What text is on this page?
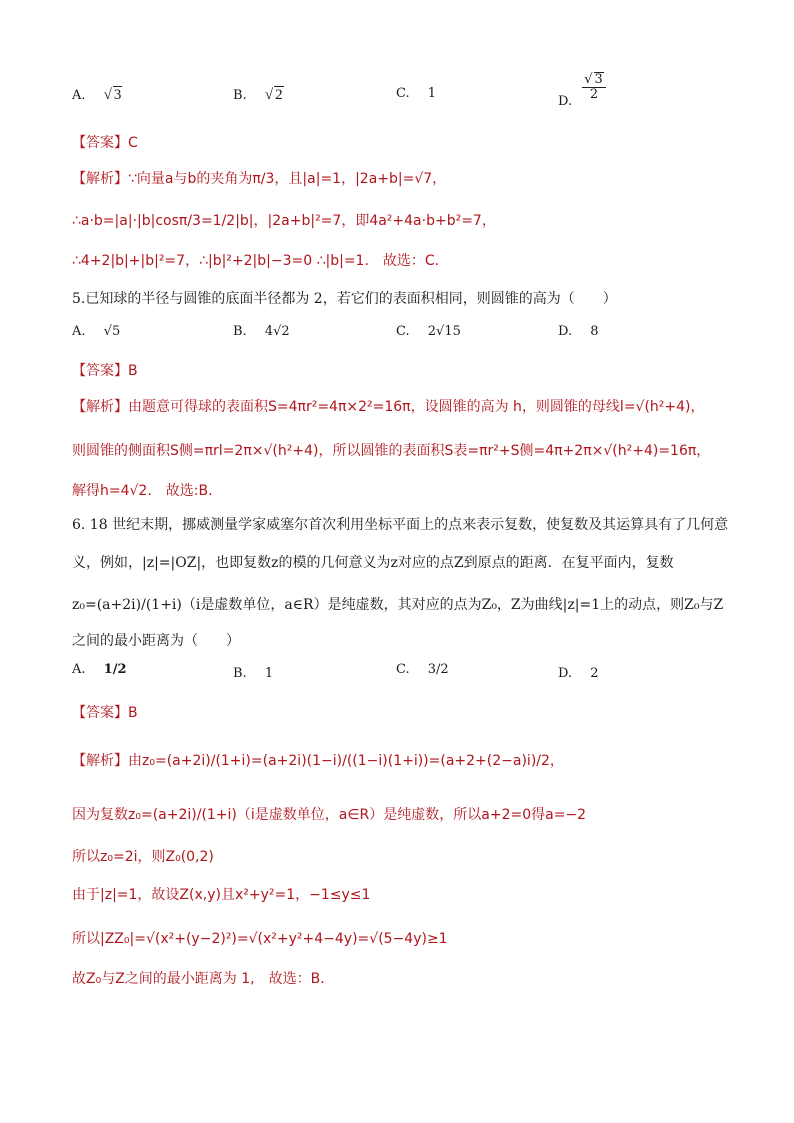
A. √ 3	B. √ 2	C. 1
D. $\frac{√ 3}{2}$
【答案】C
【解析】∵向量a与b的夹角为π/3，且|a|=1，|2a+b|=√7，
∴a·b=|a|·|b|cosπ/3=1/2|b|，|2a+b|²=7，即4a²+4a·b+b²=7，
∴4+2|b|+|b|²=7，∴|b|²+2|b|−3=0 ∴|b|=1.　故选：C.
5.已知球的半径与圆锥的底面半径都为 2，若它们的表面积相同，则圆锥的高为（　　）
A. √5	B. 4√2	C. 2√15	D. 8
【答案】B
【解析】由题意可得球的表面积S=4πr²=4π×2²=16π，设圆锥的高为 h，则圆锥的母线l=√(h²+4)，
则圆锥的侧面积S侧=πrl=2π×√(h²+4)，所以圆锥的表面积S表=πr²+S侧=4π+2π×√(h²+4)=16π，
解得h=4√2.　故选:B.
6. 18 世纪末期，挪威测量学家威塞尔首次利用坐标平面上的点来表示复数，使复数及其运算具有了几何意
义，例如，|z|=|OZ|，也即复数z的模的几何意义为z对应的点Z到原点的距离．在复平面内，复数
z₀=(a+2i)/(1+i)（i是虚数单位，a∈R）是纯虚数，其对应的点为Z₀，Z为曲线|z|=1上的动点，则Z₀与Z
之间的最小距离为（　　）
A. 1/2	B. 1	C. 3/2	D. 2
【答案】B
【解析】由z₀=(a+2i)/(1+i)=(a+2i)(1−i)/((1−i)(1+i))=(a+2+(2−a)i)/2，
因为复数z₀=(a+2i)/(1+i)（i是虚数单位，a∈R）是纯虚数，所以a+2=0得a=−2
所以z₀=2i，则Z₀(0,2)
由于|z|=1，故设Z(x,y)且x²+y²=1，−1≤y≤1
所以|ZZ₀|=√(x²+(y−2)²)=√(x²+y²+4−4y)=√(5−4y)≥1
故Z₀与Z之间的最小距离为 1,　故选：B.
